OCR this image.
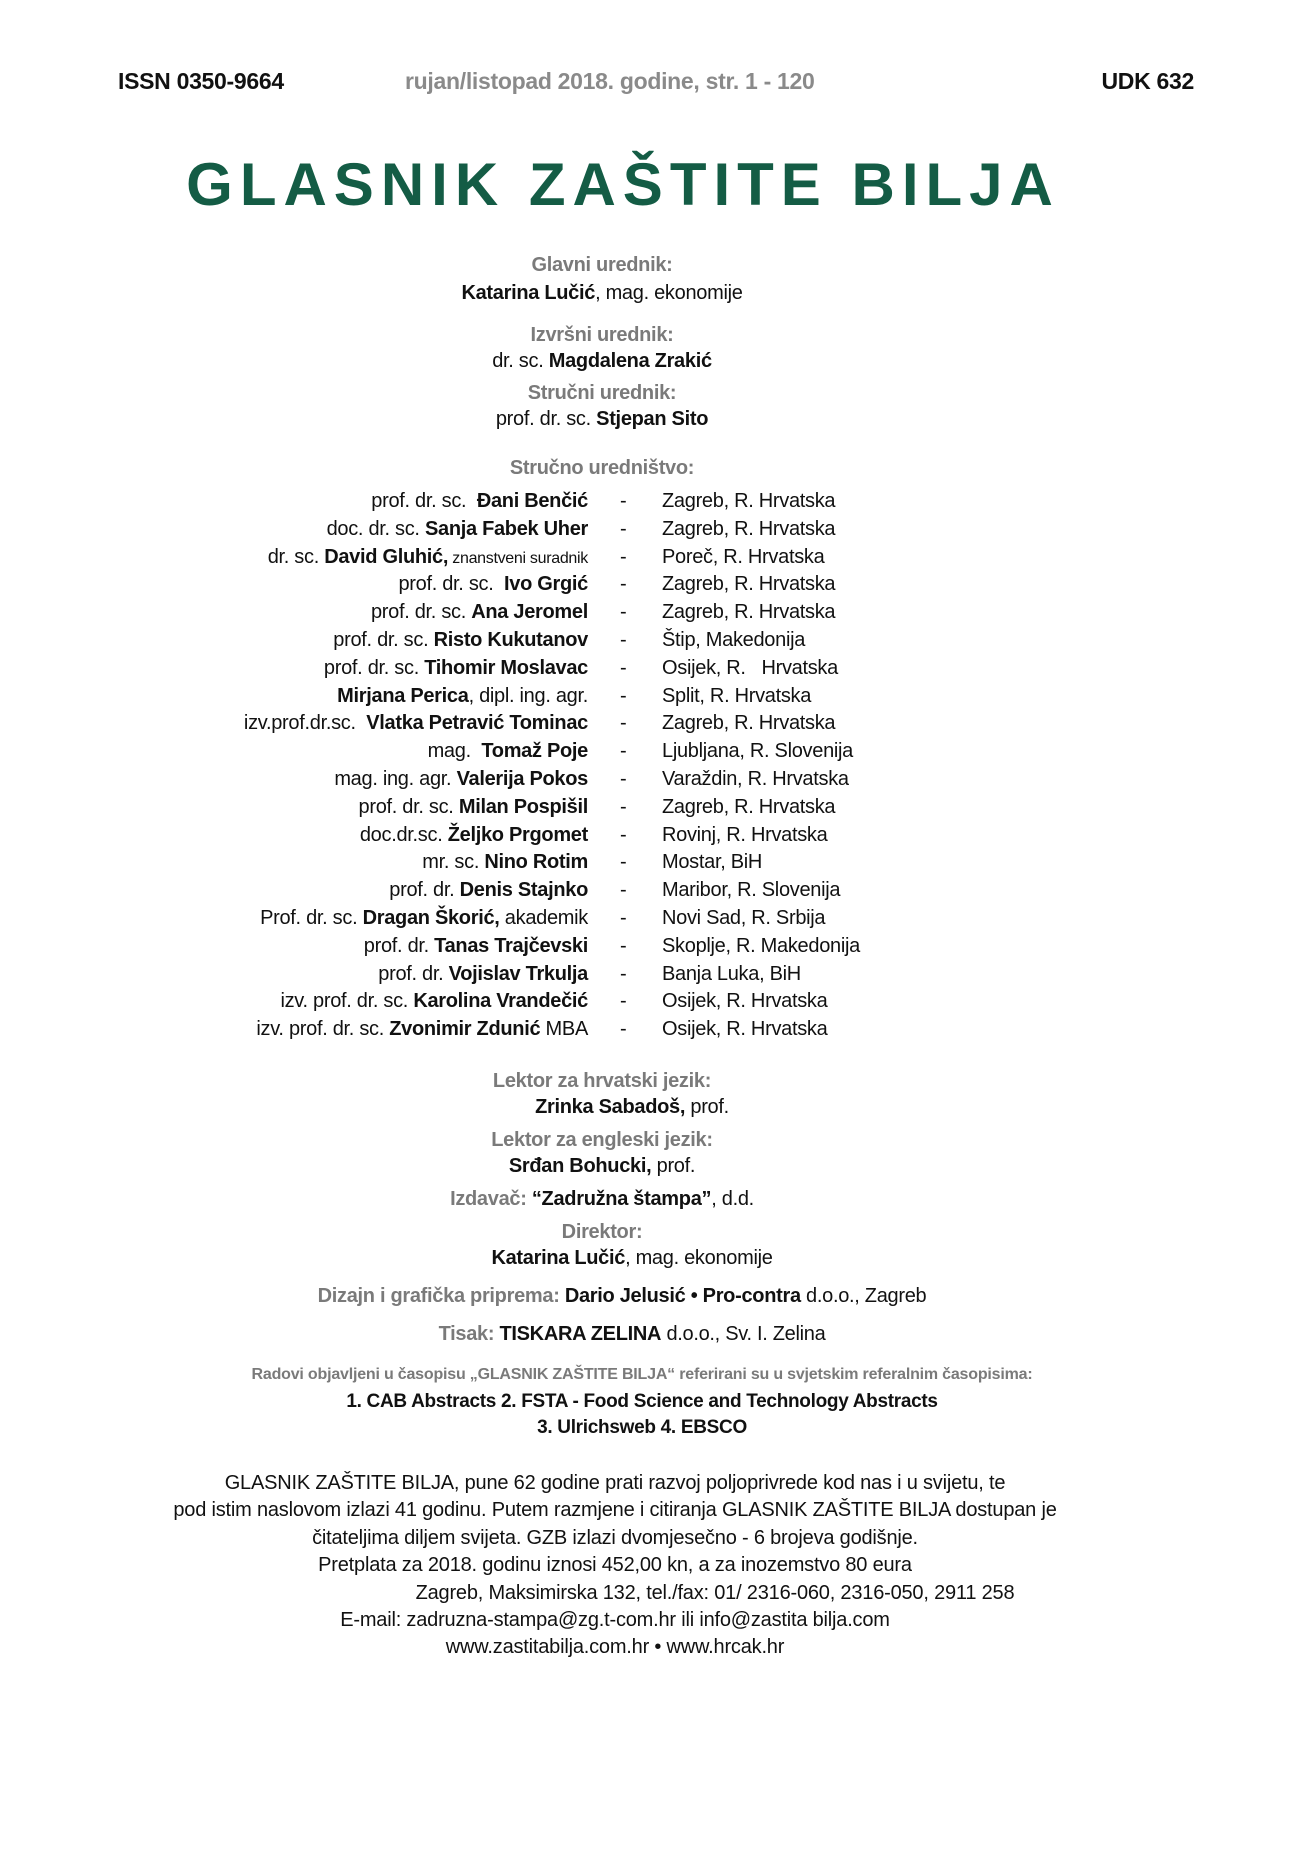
ISSN 0350-9664	rujan/listopad 2018. godine, str. 1 - 120	UDK 632
GLASNIK ZAŠTITE BILJA
Glavni urednik:
Katarina Lučić, mag. ekonomije
Izvršni urednik:
dr. sc. Magdalena Zrakić
Stručni urednik:
prof. dr. sc. Stjepan Sito
Stručno uredništvo:
prof. dr. sc.  Đani Benčić - Zagreb, R. Hrvatska
doc. dr. sc. Sanja Fabek Uher - Zagreb, R. Hrvatska
dr. sc. David Gluhić, znanstveni suradnik - Poreč, R. Hrvatska
prof. dr. sc.  Ivo Grgić - Zagreb, R. Hrvatska
prof. dr. sc. Ana Jeromel - Zagreb, R. Hrvatska
prof. dr. sc. Risto Kukutanov - Štip, Makedonija
prof. dr. sc. Tihomir Moslavac - Osijek, R.   Hrvatska
Mirjana Perica, dipl. ing. agr. - Split, R. Hrvatska
izv.prof.dr.sc.  Vlatka Petravić Tominac - Zagreb, R. Hrvatska
mag.  Tomaž Poje - Ljubljana, R. Slovenija
mag. ing. agr. Valerija Pokos - Varaždin, R. Hrvatska
prof. dr. sc. Milan Pospišil - Zagreb, R. Hrvatska
doc.dr.sc. Željko Prgomet - Rovinj, R. Hrvatska
mr. sc. Nino Rotim - Mostar, BiH
prof. dr. Denis Stajnko - Maribor, R. Slovenija
Prof. dr. sc. Dragan Škorić, akademik - Novi Sad, R. Srbija
prof. dr. Tanas Trajčevski - Skoplje, R. Makedonija
prof. dr. Vojislav Trkulja - Banja Luka, BiH
izv. prof. dr. sc. Karolina Vrandečić - Osijek, R. Hrvatska
izv. prof. dr. sc. Zvonimir Zdunić MBA - Osijek, R. Hrvatska
Lektor za hrvatski jezik:
Zrinka Sabadoš, prof.
Lektor za engleski jezik:
Srđan Bohucki, prof.
Izdavač: “Zadružna štampa”, d.d.
Direktor:
Katarina Lučić, mag. ekonomije
Dizajn i grafička priprema: Dario Jelusić • Pro-contra d.o.o., Zagreb
Tisak: TISKARA ZELINA d.o.o., Sv. I. Zelina
Radovi objavljeni u časopisu „GLASNIK ZAŠTITE BILJA“ referirani su u svjetskim referalnim časopisima:
1. CAB Abstracts 2. FSTA - Food Science and Technology Abstracts
3. Ulrichsweb 4. EBSCO
GLASNIK ZAŠTITE BILJA, pune 62 godine prati razvoj poljoprivrede kod nas i u svijetu, te
pod istim naslovom izlazi 41 godinu. Putem razmjene i citiranja GLASNIK ZAŠTITE BILJA dostupan je
čitateljima diljem svijeta. GZB izlazi dvomjesečno - 6 brojeva godišnje.
Pretplata za 2018. godinu iznosi 452,00 kn, a za inozemstvo 80 eura
Zagreb, Maksimirska 132, tel./fax: 01/ 2316-060, 2316-050, 2911 258
E-mail: zadruzna-stampa@zg.t-com.hr ili info@zastita bilja.com
www.zastitabilja.com.hr • www.hrcak.hr
